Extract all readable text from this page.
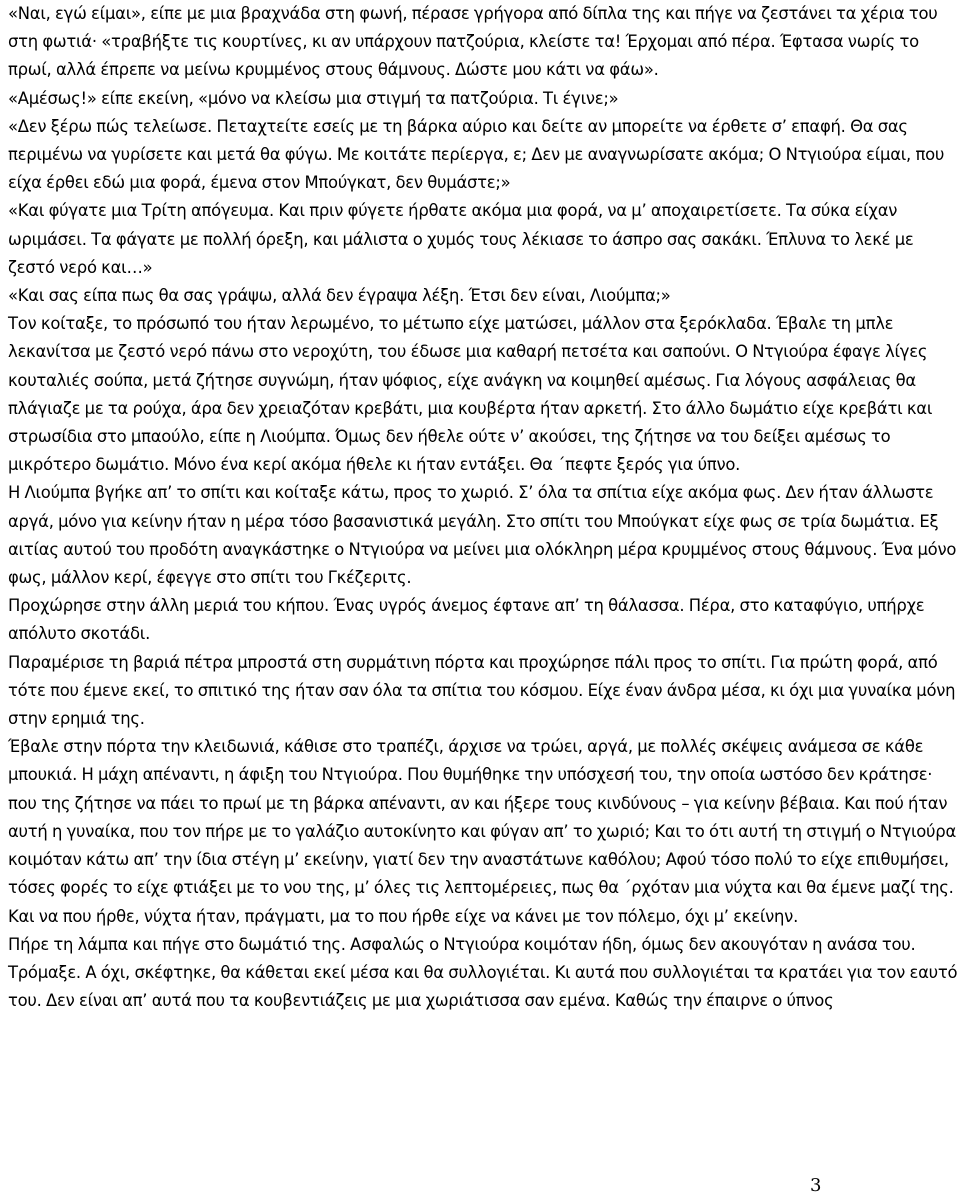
«Ναι, εγώ είμαι», είπε με μια βραχνάδα στη φωνή, πέρασε γρήγορα από δίπλα της και πήγε να ζεστάνει τα χέρια του στη φωτιά· «τραβήξτε τις κουρτίνες, κι αν υπάρχουν πατζούρια, κλείστε τα! Έρχομαι από πέρα. Έφτασα νωρίς το πρωί, αλλά έπρεπε να μείνω κρυμμένος στους θάμνους. Δώστε μου κάτι να φάω».

«Αμέσως!» είπε εκείνη, «μόνο να κλείσω μια στιγμή τα πατζούρια. Τι έγινε;»

«Δεν ξέρω πώς τελείωσε. Πεταχτείτε εσείς με τη βάρκα αύριο και δείτε αν μπορείτε να έρθετε σ’ επαφή. Θα σας περιμένω να γυρίσετε και μετά θα φύγω. Με κοιτάτε περίεργα, ε; Δεν με αναγνωρίσατε ακόμα; Ο Ντγιούρα είμαι, που είχα έρθει εδώ μια φορά, έμενα στον Μπούγκατ, δεν θυμάστε;»

«Και φύγατε μια Τρίτη απόγευμα. Και πριν φύγετε ήρθατε ακόμα μια φορά, να μ’ αποχαιρετίσετε. Τα σύκα είχαν ωριμάσει. Τα φάγατε με πολλή όρεξη, και μάλιστα ο χυμός τους λέκιασε το άσπρο σας σακάκι. Έπλυνα το λεκέ με ζεστό νερό και…»

«Και σας είπα πως θα σας γράψω, αλλά δεν έγραψα λέξη. Έτσι δεν είναι, Λιούμπα;»

Τον κοίταξε, το πρόσωπό του ήταν λερωμένο, το μέτωπο είχε ματώσει, μάλλον στα ξερόκλαδα. Έβαλε τη μπλε λεκανίτσα με ζεστό νερό πάνω στο νεροχύτη, του έδωσε μια καθαρή πετσέτα και σαπούνι. Ο Ντγιούρα έφαγε λίγες κουταλιές σούπα, μετά ζήτησε συγνώμη, ήταν ψόφιος, είχε ανάγκη να κοιμηθεί αμέσως. Για λόγους ασφάλειας θα πλάγιαζε με τα ρούχα, άρα δεν χρειαζόταν κρεβάτι, μια κουβέρτα ήταν αρκετή. Στο άλλο δωμάτιο είχε κρεβάτι και στρωσίδια στο μπαούλο, είπε η Λιούμπα. Όμως δεν ήθελε ούτε ν’ ακούσει, της ζήτησε να του δείξει αμέσως το μικρότερο δωμάτιο. Μόνο ένα κερί ακόμα ήθελε κι ήταν εντάξει. Θα ΄πεφτε ξερός για ύπνο.

Η Λιούμπα βγήκε απ’ το σπίτι και κοίταξε κάτω, προς το χωριό. Σ’ όλα τα σπίτια είχε ακόμα φως. Δεν ήταν άλλωστε αργά, μόνο για κείνην ήταν η μέρα τόσο βασανιστικά μεγάλη. Στο σπίτι του Μπούγκατ είχε φως σε τρία δωμάτια. Εξ αιτίας αυτού του προδότη αναγκάστηκε ο Ντγιούρα να μείνει μια ολόκληρη μέρα κρυμμένος στους θάμνους. Ένα μόνο φως, μάλλον κερί, έφεγγε στο σπίτι του Γκέζεριτς.

Προχώρησε στην άλλη μεριά του κήπου. Ένας υγρός άνεμος έφτανε απ’ τη θάλασσα. Πέρα, στο καταφύγιο, υπήρχε απόλυτο σκοτάδι.

Παραμέρισε τη βαριά πέτρα μπροστά στη συρμάτινη πόρτα και προχώρησε πάλι προς το σπίτι. Για πρώτη φορά, από τότε που έμενε εκεί, το σπιτικό της ήταν σαν όλα τα σπίτια του κόσμου. Είχε έναν άνδρα μέσα, κι όχι μια γυναίκα μόνη στην ερημιά της.

Έβαλε στην πόρτα την κλειδωνιά, κάθισε στο τραπέζι, άρχισε να τρώει, αργά, με πολλές σκέψεις ανάμεσα σε κάθε μπουκιά. Η μάχη απέναντι, η άφιξη του Ντγιούρα. Που θυμήθηκε την υπόσχεσή του, την οποία ωστόσο δεν κράτησε· που της ζήτησε να πάει το πρωί με τη βάρκα απέναντι, αν και ήξερε τους κινδύνους – για κείνην βέβαια. Και πού ήταν αυτή η γυναίκα, που τον πήρε με το γαλάζιο αυτοκίνητο και φύγαν απ’ το χωριό; Και το ότι αυτή τη στιγμή ο Ντγιούρα κοιμόταν κάτω απ’ την ίδια στέγη μ’ εκείνην, γιατί δεν την αναστάτωνε καθόλου; Αφού τόσο πολύ το είχε επιθυμήσει, τόσες φορές το είχε φτιάξει με το νου της, μ’ όλες τις λεπτομέρειες, πως θα ΄ρχόταν μια νύχτα και θα έμενε μαζί της. Και να που ήρθε, νύχτα ήταν, πράγματι, μα το που ήρθε είχε να κάνει με τον πόλεμο, όχι μ’ εκείνην.

Πήρε τη λάμπα και πήγε στο δωμάτιό της. Ασφαλώς ο Ντγιούρα κοιμόταν ήδη, όμως δεν ακουγόταν η ανάσα του. Τρόμαξε. Α όχι, σκέφτηκε, θα κάθεται εκεί μέσα και θα συλλογιέται. Κι αυτά που συλλογιέται τα κρατάει για τον εαυτό του. Δεν είναι απ’ αυτά που τα κουβεντιάζεις με μια χωριάτισσα σαν εμένα. Καθώς την έπαιρνε ο ύπνος

3
